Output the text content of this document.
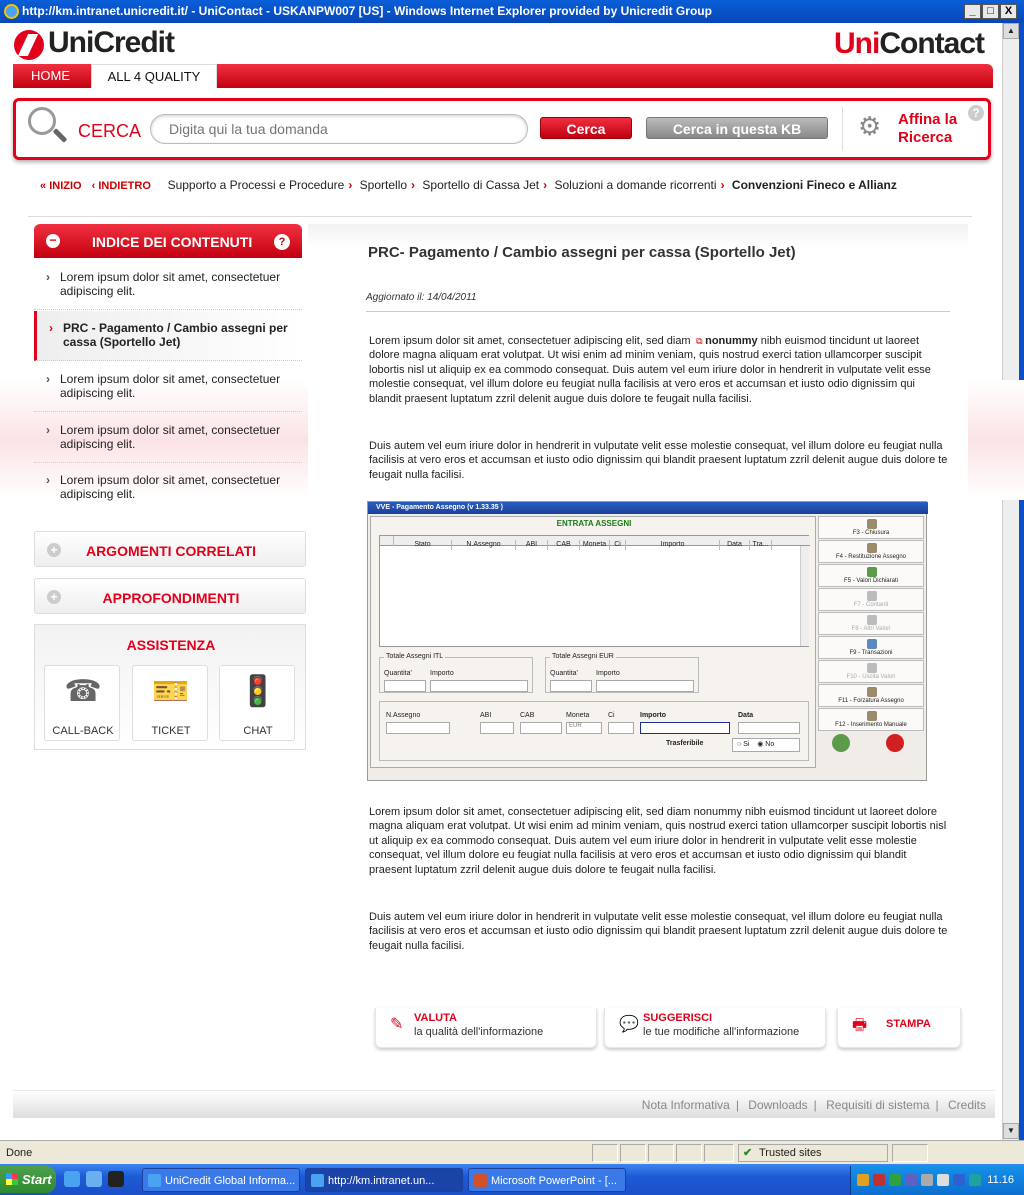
http://km.intranet.unicredit.it/ - UniContact - USKANPW007 [US] - Windows Internet Explorer provided by Unicredit Group	_	□	X
▲
▼
UniCredit	UniContact
HOME	ALL 4 QUALITY
CERCA
Digita qui la tua domanda	Cerca	Cerca in questa KB	⚙ Affina la
Ricerca
?
« INIZIO ‹ INDIETRO Supporto a Processi e Procedure › Sportello › Sportello di Cassa Jet › Soluzioni a domande ricorrenti › Convenzioni Fineco e Allianz
−	INDICE DEI CONTENUTI	?
› Lorem ipsum dolor sit amet, consectetuer adipiscing elit.
› PRC - Pagamento / Cambio assegni per cassa (Sportello Jet)
› Lorem ipsum dolor sit amet, consectetuer adipiscing elit.
› Lorem ipsum dolor sit amet, consectetuer adipiscing elit.
› Lorem ipsum dolor sit amet, consectetuer adipiscing elit.
+	ARGOMENTI CORRELATI
+	APPROFONDIMENTI
ASSISTENZA
☎
CALL-BACK
🎫
TICKET
🚦
CHAT
PRC- Pagamento / Cambio assegni per cassa (Sportello Jet)
Aggiornato il: 14/04/2011
Lorem ipsum dolor sit amet, consectetuer adipiscing elit, sed diam  ⧉ nonummy nibh euismod tincidunt ut laoreet dolore magna aliquam erat volutpat. Ut wisi enim ad minim veniam, quis nostrud exerci tation ullamcorper suscipit lobortis nisl ut aliquip ex ea commodo consequat. Duis autem vel eum iriure dolor in hendrerit in vulputate velit esse molestie consequat, vel illum dolore eu feugiat nulla facilisis at vero eros et accumsan et iusto odio dignissim qui blandit praesent luptatum zzril delenit augue duis dolore te feugait nulla facilisi.
Duis autem vel eum iriure dolor in hendrerit in vulputate velit esse molestie consequat, vel illum dolore eu feugiat nulla facilisis at vero eros et accumsan et iusto odio dignissim qui blandit praesent luptatum zzril delenit augue duis dolore te feugait nulla facilisi.
VVE - Pagamento Assegno (v 1.33.35 )
ENTRATA ASSEGNI
Stato	N.Assegno	ABI	CAB Moneta Ci	Importo	Data Tra...
Totale Assegni ITL
Quantita'	Importo
Totale Assegni EUR
Quantita'	Importo
N.Assegno	ABI	CAB	Moneta
EUR
Ci	Importo	Data
Trasferibile	○ Si ◉ No
F3 - Chiusura
F4 - Restituzione Assegno
F5 - Valori Dichiarati
F7 - Contanti
F8 - Altri Valori
F9 - Transazioni
F10 - Uscita Valori
F11 - Forzatura Assegno
F12 - Inserimento Manuale
Lorem ipsum dolor sit amet, consectetuer adipiscing elit, sed diam nonummy nibh euismod tincidunt ut laoreet dolore magna aliquam erat volutpat. Ut wisi enim ad minim veniam, quis nostrud exerci tation ullamcorper suscipit lobortis nisl ut aliquip ex ea commodo consequat. Duis autem vel eum iriure dolor in hendrerit in vulputate velit esse molestie consequat, vel illum dolore eu feugiat nulla facilisis at vero eros et accumsan et iusto odio dignissim qui blandit praesent luptatum zzril delenit augue duis dolore te feugait nulla facilisi.
Duis autem vel eum iriure dolor in hendrerit in vulputate velit esse molestie consequat, vel illum dolore eu feugiat nulla facilisis at vero eros et accumsan et iusto odio dignissim qui blandit praesent luptatum zzril delenit augue duis dolore te feugait nulla facilisi.
✎ VALUTA
la qualità dell'informazione	💬 SUGGERISCI
le tue modifiche all'informazione	🖶 STAMPA
Nota Informativa | Downloads | Requisiti di sistema | Credits
Done
✔	Trusted sites
Start	UniCredit Global Informa...	http://km.intranet.un...	Microsoft PowerPoint - [...	11.16
